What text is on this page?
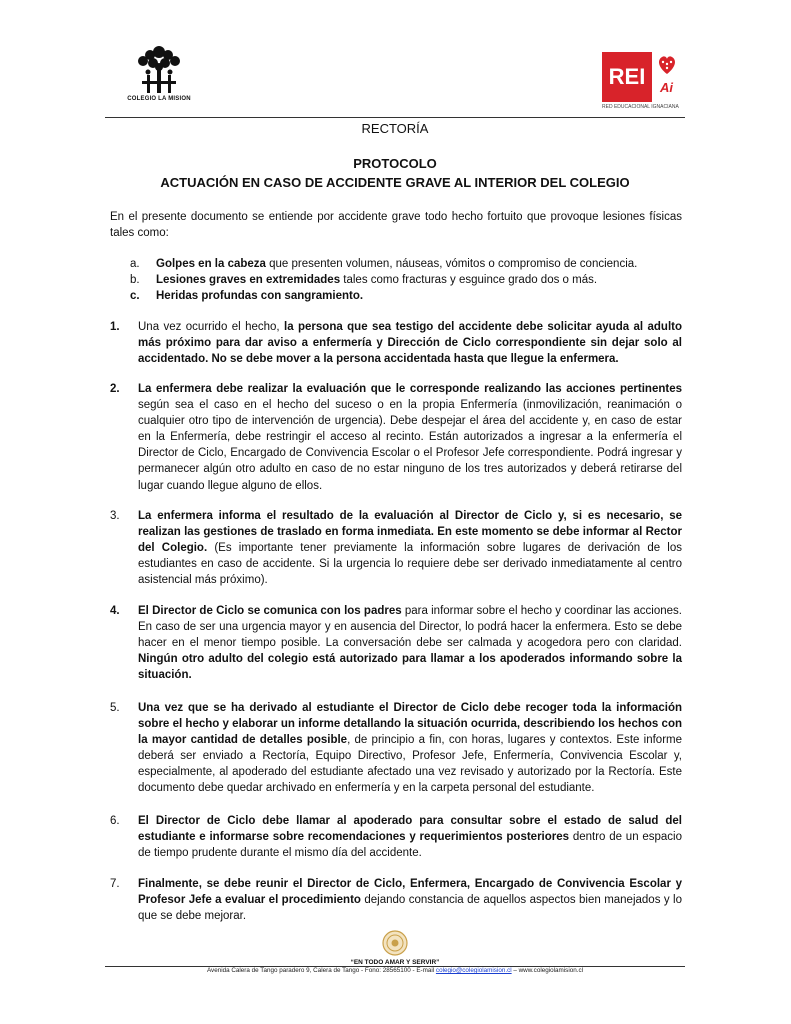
COLEGIO LA MISION
REI	Ai
RED EDUCACIONAL IGNACIANA
RECTORÍA
PROTOCOLO
ACTUACIÓN EN CASO DE ACCIDENTE GRAVE AL INTERIOR DEL COLEGIO
En el presente documento se entiende por accidente grave todo hecho fortuito que provoque lesiones físicas tales como:
a. Golpes en la cabeza que presenten volumen, náuseas, vómitos o compromiso de conciencia.
b. Lesiones graves en extremidades tales como fracturas y esguince grado dos o más.
c. Heridas profundas con sangramiento.
1. Una vez ocurrido el hecho, la persona que sea testigo del accidente debe solicitar ayuda al adulto más próximo para dar aviso a enfermería y Dirección de Ciclo correspondiente sin dejar solo al accidentado. No se debe mover a la persona accidentada hasta que llegue la enfermera.
2. La enfermera debe realizar la evaluación que le corresponde realizando las acciones pertinentes según sea el caso en el hecho del suceso o en la propia Enfermería (inmovilización, reanimación o cualquier otro tipo de intervención de urgencia). Debe despejar el área del accidente y, en caso de estar en la Enfermería, debe restringir el acceso al recinto. Están autorizados a ingresar a la enfermería el Director de Ciclo, Encargado de Convivencia Escolar o el Profesor Jefe correspondiente. Podrá ingresar y permanecer algún otro adulto en caso de no estar ninguno de los tres autorizados y deberá retirarse del lugar cuando llegue alguno de ellos.
3. La enfermera informa el resultado de la evaluación al Director de Ciclo y, si es necesario, se realizan las gestiones de traslado en forma inmediata. En este momento se debe informar al Rector del Colegio. (Es importante tener previamente la información sobre lugares de derivación de los estudiantes en caso de accidente. Si la urgencia lo requiere debe ser derivado inmediatamente al centro asistencial más próximo).
4. El Director de Ciclo se comunica con los padres para informar sobre el hecho y coordinar las acciones. En caso de ser una urgencia mayor y en ausencia del Director, lo podrá hacer la enfermera. Esto se debe hacer en el menor tiempo posible. La conversación debe ser calmada y acogedora pero con claridad. Ningún otro adulto del colegio está autorizado para llamar a los apoderados informando sobre la situación.
5. Una vez que se ha derivado al estudiante el Director de Ciclo debe recoger toda la información sobre el hecho y elaborar un informe detallando la situación ocurrida, describiendo los hechos con la mayor cantidad de detalles posible, de principio a fin, con horas, lugares y contextos. Este informe deberá ser enviado a Rectoría, Equipo Directivo, Profesor Jefe, Enfermería, Convivencia Escolar y, especialmente, al apoderado del estudiante afectado una vez revisado y autorizado por la Rectoría. Este documento debe quedar archivado en enfermería y en la carpeta personal del estudiante.
6. El Director de Ciclo debe llamar al apoderado para consultar sobre el estado de salud del estudiante e informarse sobre recomendaciones y requerimientos posteriores dentro de un espacio de tiempo prudente durante el mismo día del accidente.
7. Finalmente, se debe reunir el Director de Ciclo, Enfermera, Encargado de Convivencia Escolar y Profesor Jefe a evaluar el procedimiento dejando constancia de aquellos aspectos bien manejados y lo que se debe mejorar.
“EN TODO AMAR Y SERVIR”
Avenida Calera de Tango paradero 9, Calera de Tango - Fono: 28565100 - E-mail colegio@colegiolamision.cl – www.colegiolamision.cl
